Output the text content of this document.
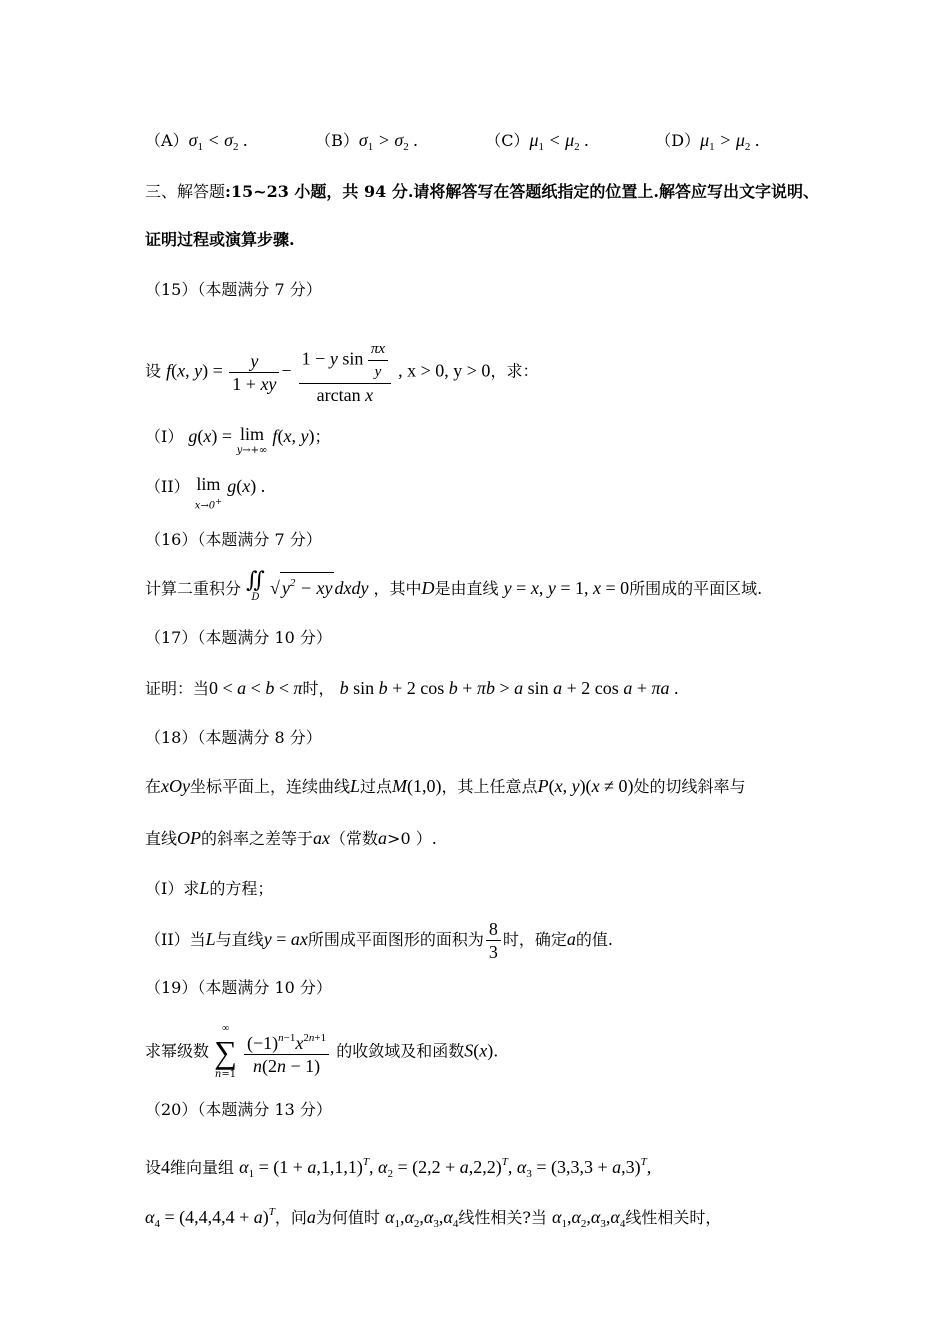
$(A)\sigma_1 < \sigma_2$ .	$(B)\sigma_1 > \sigma_2$ .	$(C)\mu_1 < \mu_2$ .	$(D)\mu_1 > \mu_2$ .
三、解答题:15~23 小题，共 94 分.请将解答写在答题纸指定的位置上.解答应写出文字说明、
证明过程或演算步骤.
（15）（本题满分 7 分）
设 f(x, $y) = \frac{y}{1 + xy} - \frac{1 - y \sin \frac{\pi x}{y}}{\text{arctan x}}$ , x > 0, y > 0，求：
（I） g(x) = lim
y→+∞
f(x, y)；
（II） lim
x→0+
g(x) .
（16）（本题满分 7 分）
计算二重积分 ∬
D √ $y^2$ − xy dxdy ，其中D是由直线 y = x, y = 1, x = 0所围成的平面区域.
（17）（本题满分 10 分）
证明：当0 < a < b < π时， b sin b + 2 cos b + πb > a sin a + 2 cos a + πa .
（18）（本题满分 8 分）
在xOy坐标平面上，连续曲线L过点M(1,0)，其上任意点P(x, y)(x ≠ 0)处的切线斜率与
直线OP的斜率之差等于ax（常数a>0 ）.
（I）求L的方程；
（II）当L与直线y = ax所围成平面图形的面积为 $\frac{8}{3}$ 时，确定a的值.
（19）（本题满分 10 分）
求幂级数
∞
∑
n=1
$\frac{(-1)^{n-1}x^{2n+1}}{n(2n - 1)}$ 的收敛域及和函数S(x).
（20）（本题满分 13 分）
设4维向量组 $\alpha_1 = (1 + a,1,1,1)^T$, $\alpha_2 = (2,2 + a,2,2)^T$, $\alpha_3 = (3,3,3 + a,3)^T$,
$\alpha_4 = (4,4,4,4 + a)^T$，问a为何值时 $\alpha_1,\alpha_2,\alpha_3,\alpha_4$线性相关?当 $\alpha_1,\alpha_2,\alpha_3,\alpha_4$线性相关时，
